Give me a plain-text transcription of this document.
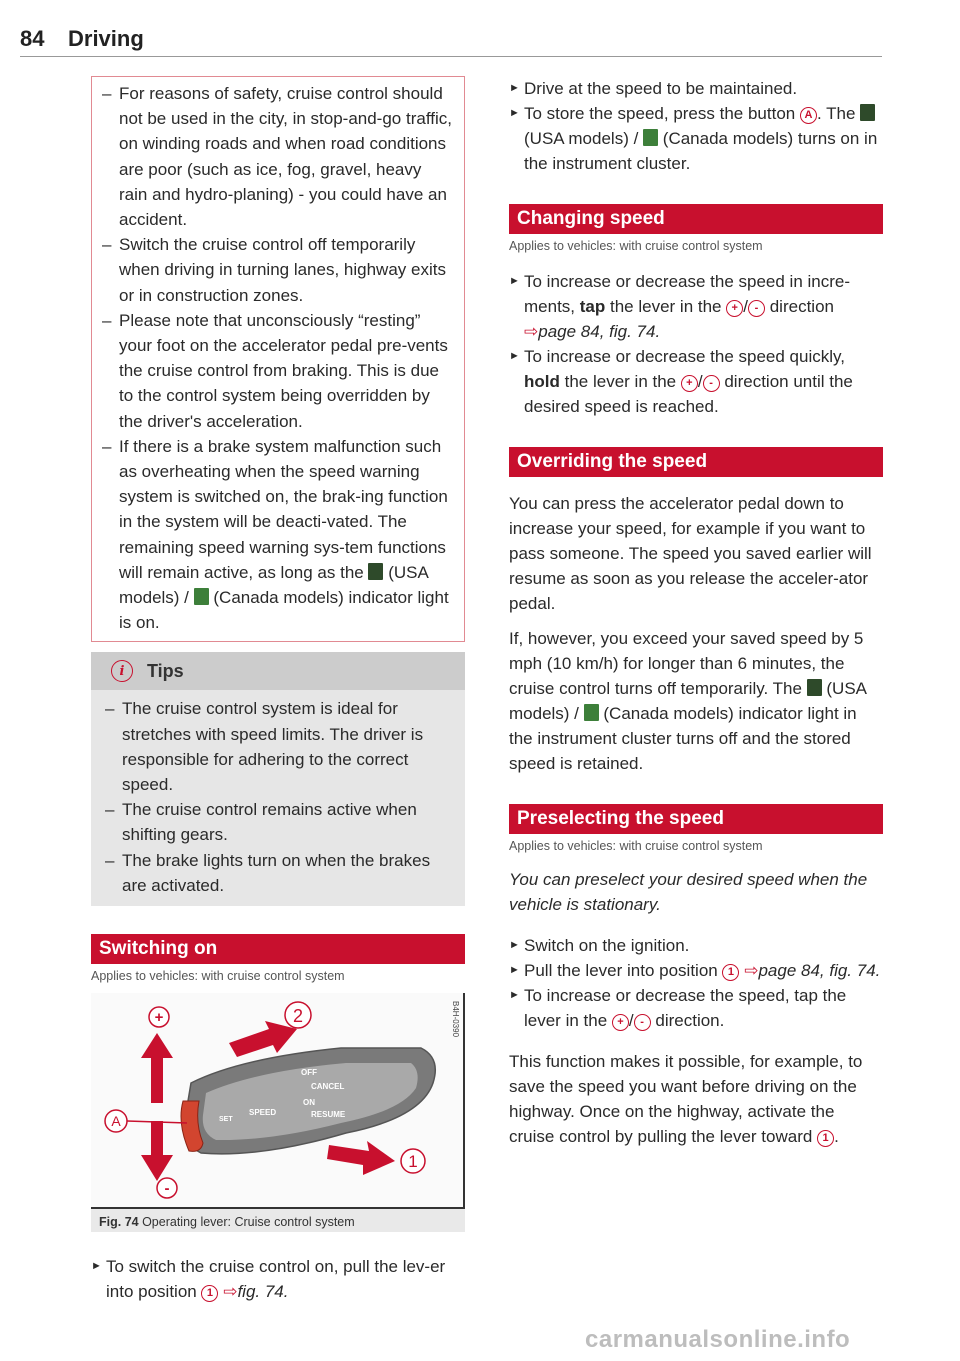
84 Driving
– For reasons of safety, cruise control should not be used in the city, in stop-and-go traffic, on winding roads and when road conditions are poor (such as ice, fog, gravel, heavy rain and hydro-planing) - you could have an accident.
– Switch the cruise control off temporarily when driving in turning lanes, highway exits or in construction zones.
– Please note that unconsciously “resting” your foot on the accelerator pedal pre-vents the cruise control from braking. This is due to the control system being overridden by the driver's acceleration.
– If there is a brake system malfunction such as overheating when the speed warning system is switched on, the brak-ing function in the system will be deacti-vated. The remaining speed warning sys-tem functions will remain active, as long as the (USA models) / (Canada models) indicator light is on.
i	Tips
– The cruise control system is ideal for stretches with speed limits. The driver is responsible for adhering to the correct speed.
– The cruise control remains active when shifting gears.
– The brake lights turn on when the brakes are activated.
Switching on
Applies to vehicles: with cruise control system
OFF
CANCEL
ON
RESUME
SPEED
SET
+
-
A
2
1
B4H-0390
Fig. 74 Operating lever: Cruise control system
► To switch the cruise control on, pull the lev-er into position 1 ⇨fig. 74.
► Drive at the speed to be maintained.
► To store the speed, press the button A . The  (USA models) / (Canada models) turns on in the instrument cluster.
Changing speed
Applies to vehicles: with cruise control system
► To increase or decrease the speed in incre-ments, tap the lever in the + / - direction ⇨page 84, fig. 74.
► To increase or decrease the speed quickly, hold the lever in the + / - direction until the desired speed is reached.
Overriding the speed
You can press the accelerator pedal down to increase your speed, for example if you want to pass someone. The speed you saved earlier will resume as soon as you release the acceler-ator pedal.
If, however, you exceed your saved speed by 5 mph (10 km/h) for longer than 6 minutes, the cruise control turns off temporarily. The (USA models) / (Canada models) indicator light in the instrument cluster turns off and the stored speed is retained.
Preselecting the speed
Applies to vehicles: with cruise control system
You can preselect your desired speed when the vehicle is stationary.
► Switch on the ignition.
► Pull the lever into position 1 ⇨page 84, fig. 74.
► To increase or decrease the speed, tap the lever in the + / - direction.
This function makes it possible, for example, to save the speed you want before driving on the highway. Once on the highway, activate the cruise control by pulling the lever toward 1 .
carmanualsonline.info
